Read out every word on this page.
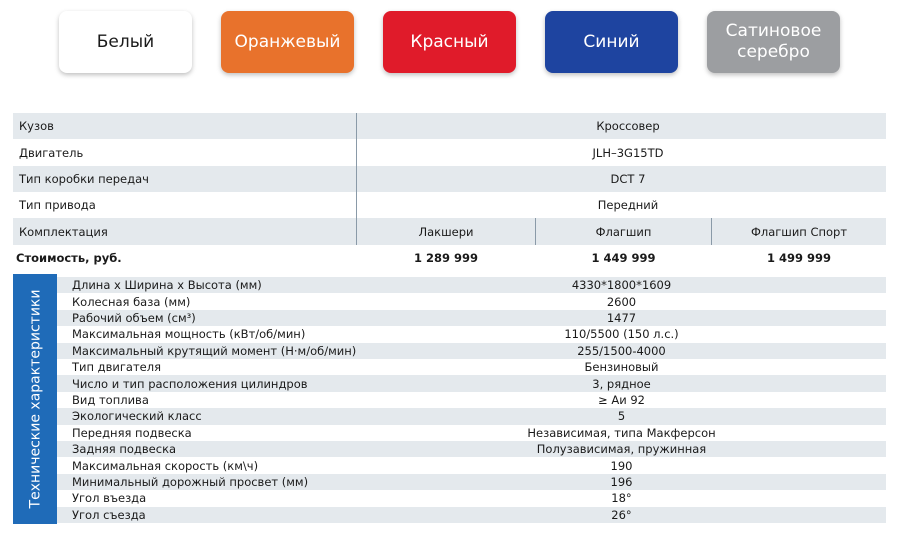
Белый	Оранжевый	Красный	Синий
Сатиновое серебро
Кузов	Кроссовер
Двигатель	JLH–3G15TD
Тип коробки передач	DCT 7
Тип привода	Передний
Комплектация	Лакшери	Флагшип	Флагшип Спорт
Стоимость, руб.	1 289 999	1 449 999	1 499 999
Технические характеристики
Длина х Ширина х Высота (мм)	4330*1800*1609
Колесная база (мм)	2600
Рабочий объем (см³)	1477
Максимальная мощность (кВт/об/мин)	110/5500 (150 л.с.)
Максимальный крутящий момент (Н·м/об/мин)	255/1500-4000
Тип двигателя	Бензиновый
Число и тип расположения цилиндров	3, рядное
Вид топлива	≥ Аи 92
Экологический класс	5
Передняя подвеска	Независимая, типа Макферсон
Задняя подвеска	Полузависимая, пружинная
Максимальная скорость (км\ч)	190
Минимальный дорожный просвет (мм)	196
Угол въезда	18°
Угол съезда	26°
